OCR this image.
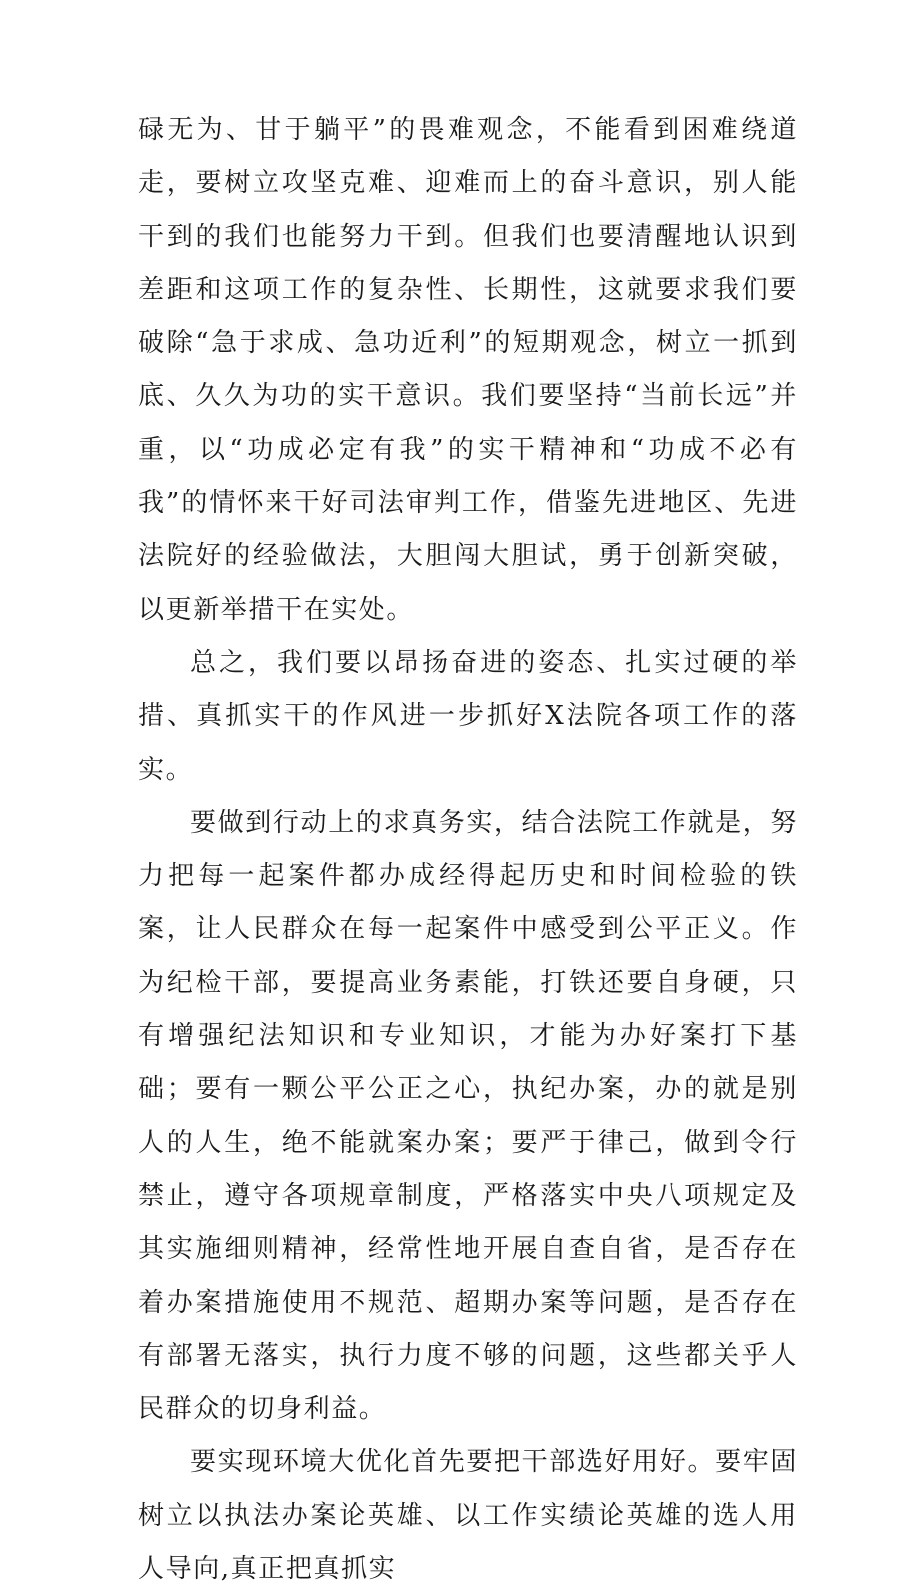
碌无为、甘于躺平”的畏难观念，不能看到困难绕道走，要树立攻坚克难、迎难而上的奋斗意识，别人能干到的我们也能努力干到。但我们也要清醒地认识到差距和这项工作的复杂性、长期性，这就要求我们要破除“急于求成、急功近利”的短期观念，树立一抓到底、久久为功的实干意识。我们要坚持“当前长远”并重，以“功成必定有我”的实干精神和“功成不必有我”的情怀来干好司法审判工作，借鉴先进地区、先进法院好的经验做法，大胆闯大胆试，勇于创新突破，以更新举措干在实处。

总之，我们要以昂扬奋进的姿态、扎实过硬的举措、真抓实干的作风进一步抓好X法院各项工作的落实。

要做到行动上的求真务实，结合法院工作就是，努力把每一起案件都办成经得起历史和时间检验的铁案，让人民群众在每一起案件中感受到公平正义。作为纪检干部，要提高业务素能，打铁还要自身硬，只有增强纪法知识和专业知识，才能为办好案打下基础；要有一颗公平公正之心，执纪办案，办的就是别人的人生，绝不能就案办案；要严于律己，做到令行禁止，遵守各项规章制度，严格落实中央八项规定及其实施细则精神，经常性地开展自查自省，是否存在着办案措施使用不规范、超期办案等问题，是否存在有部署无落实，执行力度不够的问题，这些都关乎人民群众的切身利益。

要实现环境大优化首先要把干部选好用好。要牢固树立以执法办案论英雄、以工作实绩论英雄的选人用人导向,真正把真抓实
